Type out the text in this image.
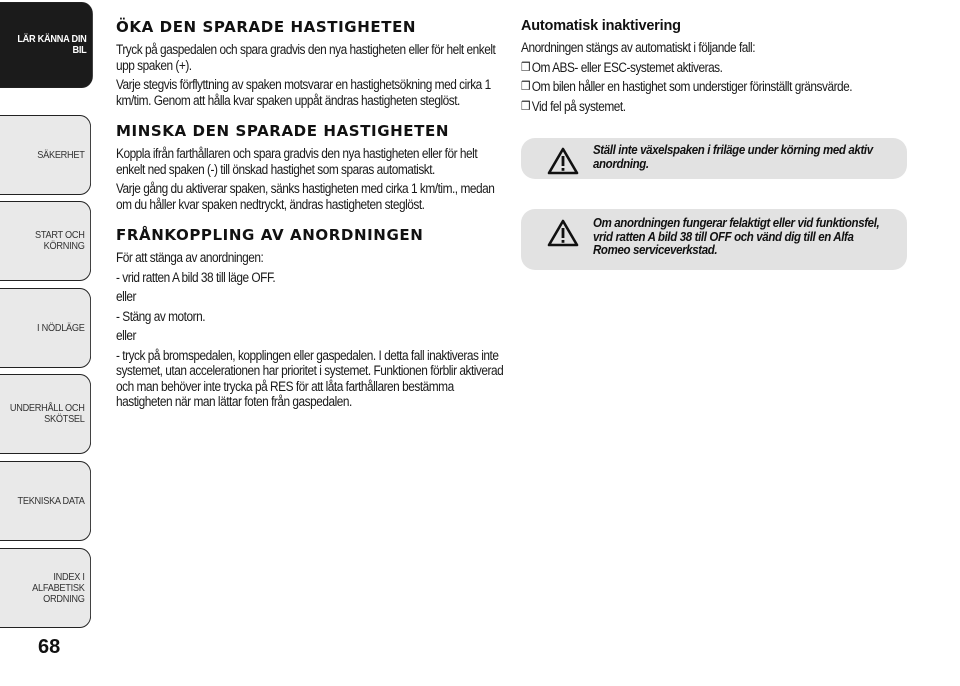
LÄR KÄNNA DIN
BIL
SÄKERHET
START OCH
KÖRNING
I NÖDLÄGE
UNDERHÅLL OCH
SKÖTSEL
TEKNISKA DATA
INDEX I ALFABETISK
ORDNING
68
ÖKA DEN SPARADE HASTIGHETEN

Tryck på gaspedalen och spara gradvis den nya hastigheten eller för helt enkelt upp spaken (+).

Varje stegvis förflyttning av spaken motsvarar en hastighetsökning med cirka 1 km/tim. Genom att hålla kvar spaken uppåt ändras hastigheten steglöst.

MINSKA DEN SPARADE HASTIGHETEN

Koppla ifrån farthållaren och spara gradvis den nya hastigheten eller för helt enkelt ned spaken (-) till önskad hastighet som sparas automatiskt.

Varje gång du aktiverar spaken, sänks hastigheten med cirka 1 km/tim., medan om du håller kvar spaken nedtryckt, ändras hastigheten steglöst.

FRÅNKOPPLING AV ANORDNINGEN

För att stänga av anordningen:

- vrid ratten A bild 38 till läge OFF.

eller

- Stäng av motorn.

eller

- tryck på bromspedalen, kopplingen eller gaspedalen. I detta fall inaktiveras inte systemet, utan accelerationen har prioritet i systemet. Funktionen förblir aktiverad och man behöver inte trycka på RES för att låta farthållaren bestämma hastigheten när man lättar foten från gaspedalen.

Automatisk inaktivering

Anordningen stängs av automatiskt i följande fall:

❒ Om ABS- eller ESC-systemet aktiveras.
❒ Om bilen håller en hastighet som understiger förinställt gränsvärde.
❒ Vid fel på systemet.
Ställ inte växelspaken i friläge under körning med aktiv anordning.
Om anordningen fungerar felaktigt eller vid funktionsfel, vrid ratten A bild 38 till OFF och vänd dig till en Alfa Romeo serviceverkstad.
